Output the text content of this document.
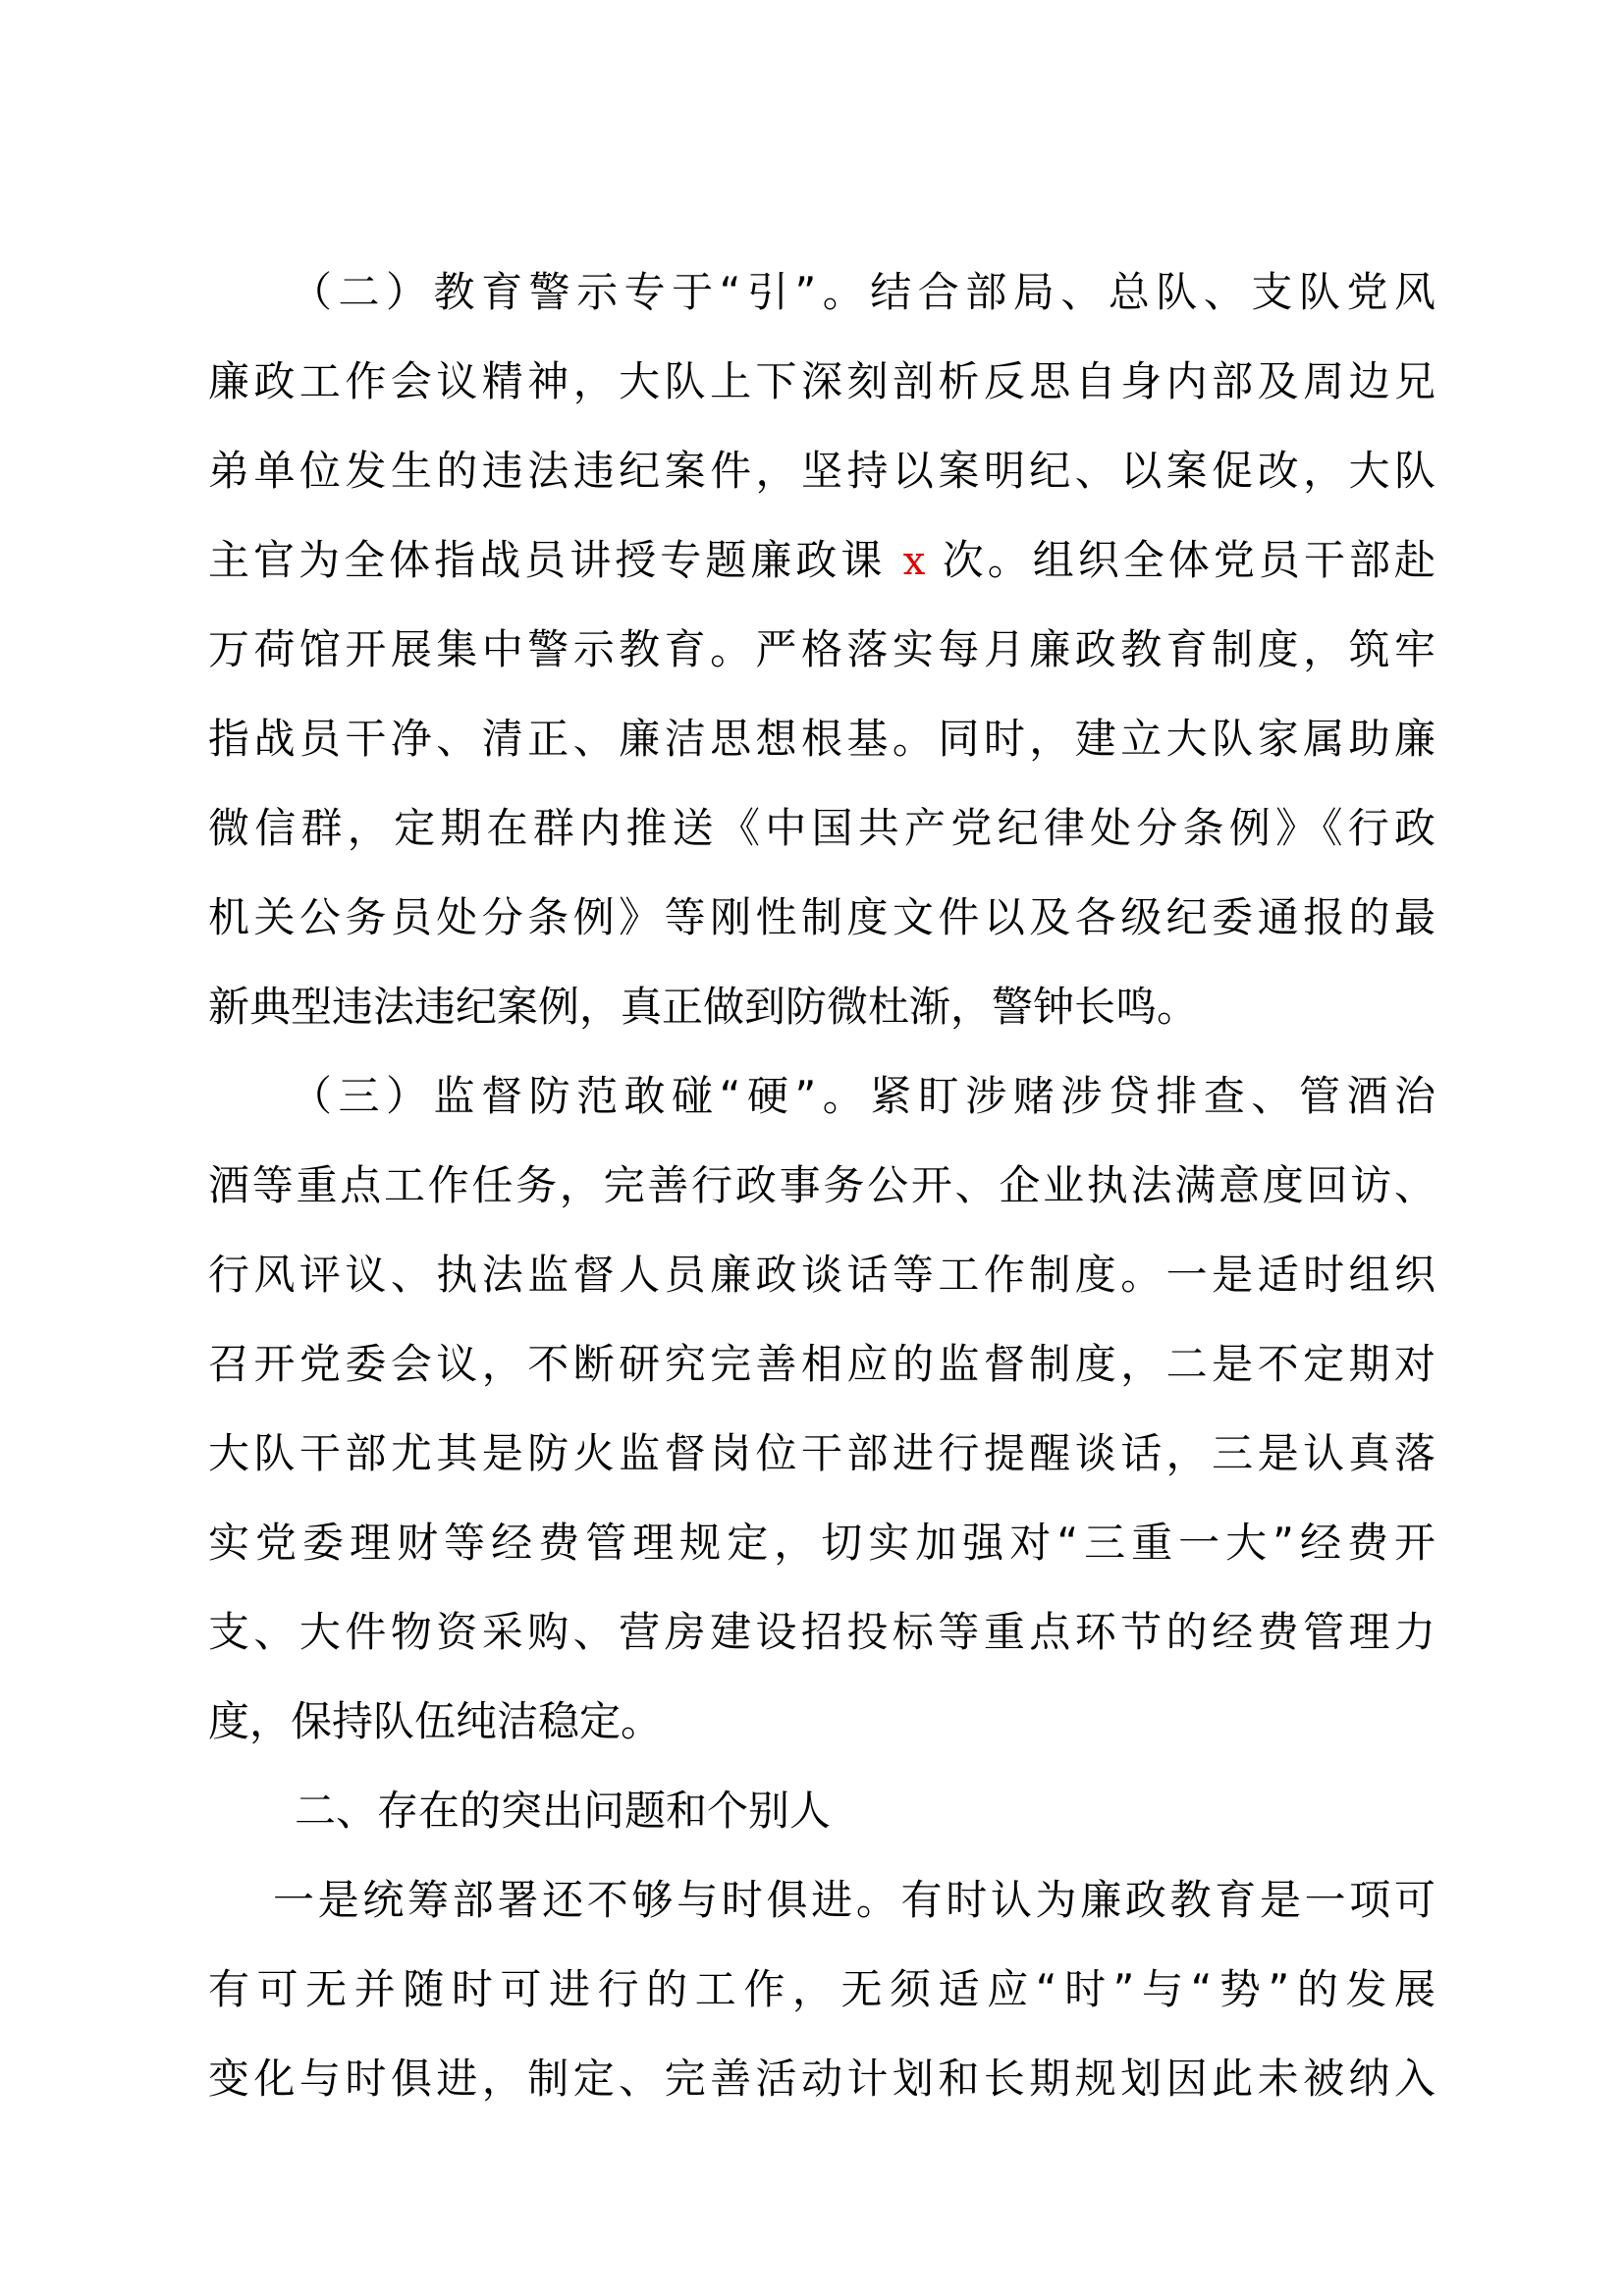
（二）教育警示专于“引”。结合部局、总队、支队党风
廉政工作会议精神，大队上下深刻剖析反思自身内部及周边兄
弟单位发生的违法违纪案件，坚持以案明纪、以案促改，大队
主官为全体指战员讲授专题廉政课 x 次。组织全体党员干部赴
万荷馆开展集中警示教育。严格落实每月廉政教育制度，筑牢
指战员干净、清正、廉洁思想根基。同时，建立大队家属助廉
微信群，定期在群内推送《中国共产党纪律处分条例》《行政
机关公务员处分条例》等刚性制度文件以及各级纪委通报的最
新典型违法违纪案例，真正做到防微杜渐，警钟长鸣。
（三）监督防范敢碰“硬”。紧盯涉赌涉贷排查、管酒治
酒等重点工作任务，完善行政事务公开、企业执法满意度回访、
行风评议、执法监督人员廉政谈话等工作制度。一是适时组织
召开党委会议，不断研究完善相应的监督制度，二是不定期对
大队干部尤其是防火监督岗位干部进行提醒谈话，三是认真落
实党委理财等经费管理规定，切实加强对“三重一大”经费开
支、大件物资采购、营房建设招投标等重点环节的经费管理力
度，保持队伍纯洁稳定。
二、存在的突出问题和个别人
一是统筹部署还不够与时俱进。有时认为廉政教育是一项可
有可无并随时可进行的工作，无须适应“时”与“势”的发展
变化与时俱进，制定、完善活动计划和长期规划因此未被纳入
